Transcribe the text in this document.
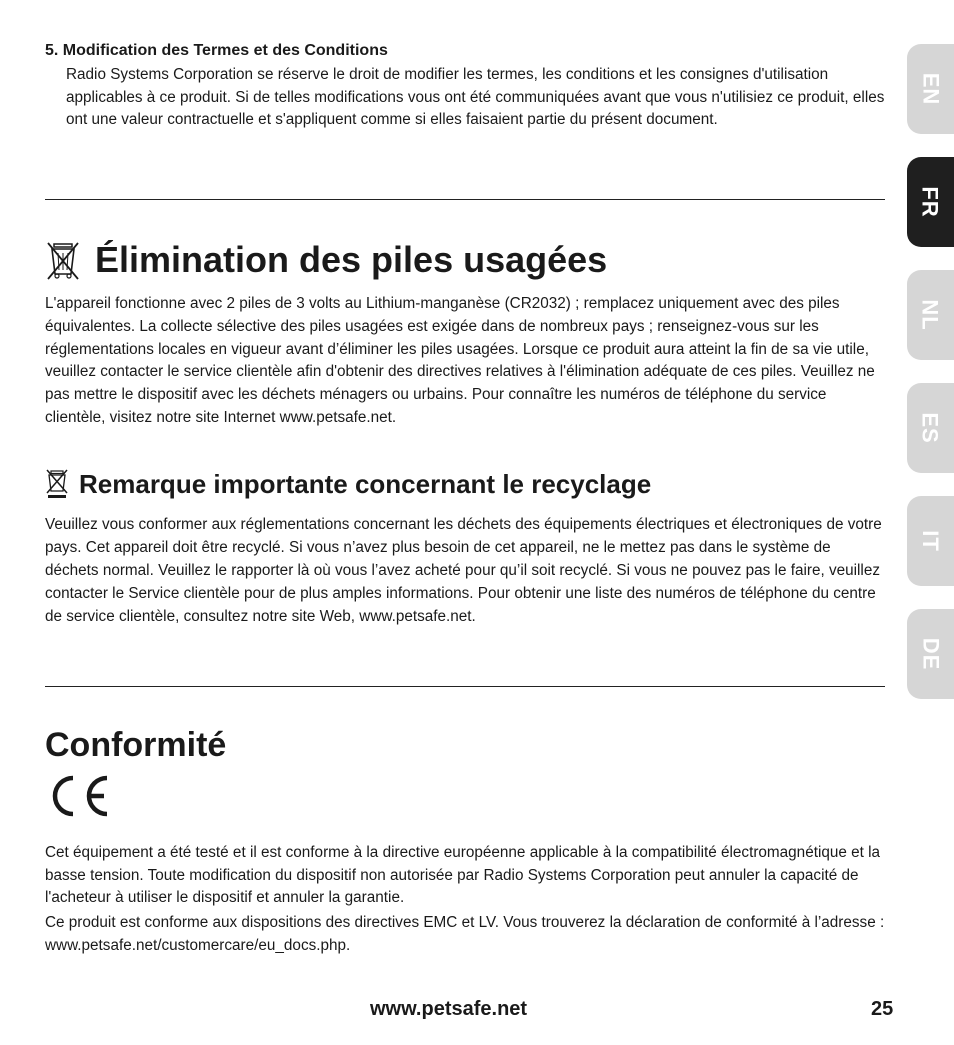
5. Modification des Termes et des Conditions
Radio Systems Corporation se réserve le droit de modifier les termes, les conditions et les consignes d'utilisation applicables à ce produit. Si de telles modifications vous ont été communiquées avant que vous n'utilisiez ce produit, elles ont une valeur contractuelle et s'appliquent comme si elles faisaient partie du présent document.
Élimination des piles usagées
L'appareil fonctionne avec 2 piles de 3 volts au Lithium-manganèse (CR2032) ; remplacez uniquement avec des piles équivalentes. La collecte sélective des piles usagées est exigée dans de nombreux pays ; renseignez-vous sur les réglementations locales en vigueur avant d’éliminer les piles usagées. Lorsque ce produit aura atteint la fin de sa vie utile, veuillez contacter le service clientèle afin d'obtenir des directives relatives à l'élimination adéquate de ces piles. Veuillez ne pas mettre le dispositif avec les déchets ménagers ou urbains. Pour connaître les numéros de téléphone du service clientèle, visitez notre site Internet www.petsafe.net.
Remarque importante concernant le recyclage
Veuillez vous conformer aux réglementations concernant les déchets des équipements électriques et électroniques de votre pays. Cet appareil doit être recyclé. Si vous n’avez plus besoin de cet appareil, ne le mettez pas dans le système de déchets normal. Veuillez le rapporter là où vous l’avez acheté pour qu’il soit recyclé. Si vous ne pouvez pas le faire, veuillez contacter le Service clientèle pour de plus amples informations. Pour obtenir une liste des numéros de téléphone du centre de service clientèle, consultez notre site Web, www.petsafe.net.
Conformité
Cet équipement a été testé et il est conforme à la directive européenne applicable à la compatibilité électromagnétique et la basse tension. Toute modification du dispositif non autorisée par Radio Systems Corporation peut annuler la capacité de l'acheteur à utiliser le dispositif et annuler la garantie.
Ce produit est conforme aux dispositions des directives EMC et LV. Vous trouverez la déclaration de conformité à l’adresse : www.petsafe.net/customercare/eu_docs.php.
www.petsafe.net	25
EN
FR
NL
ES
IT
DE
